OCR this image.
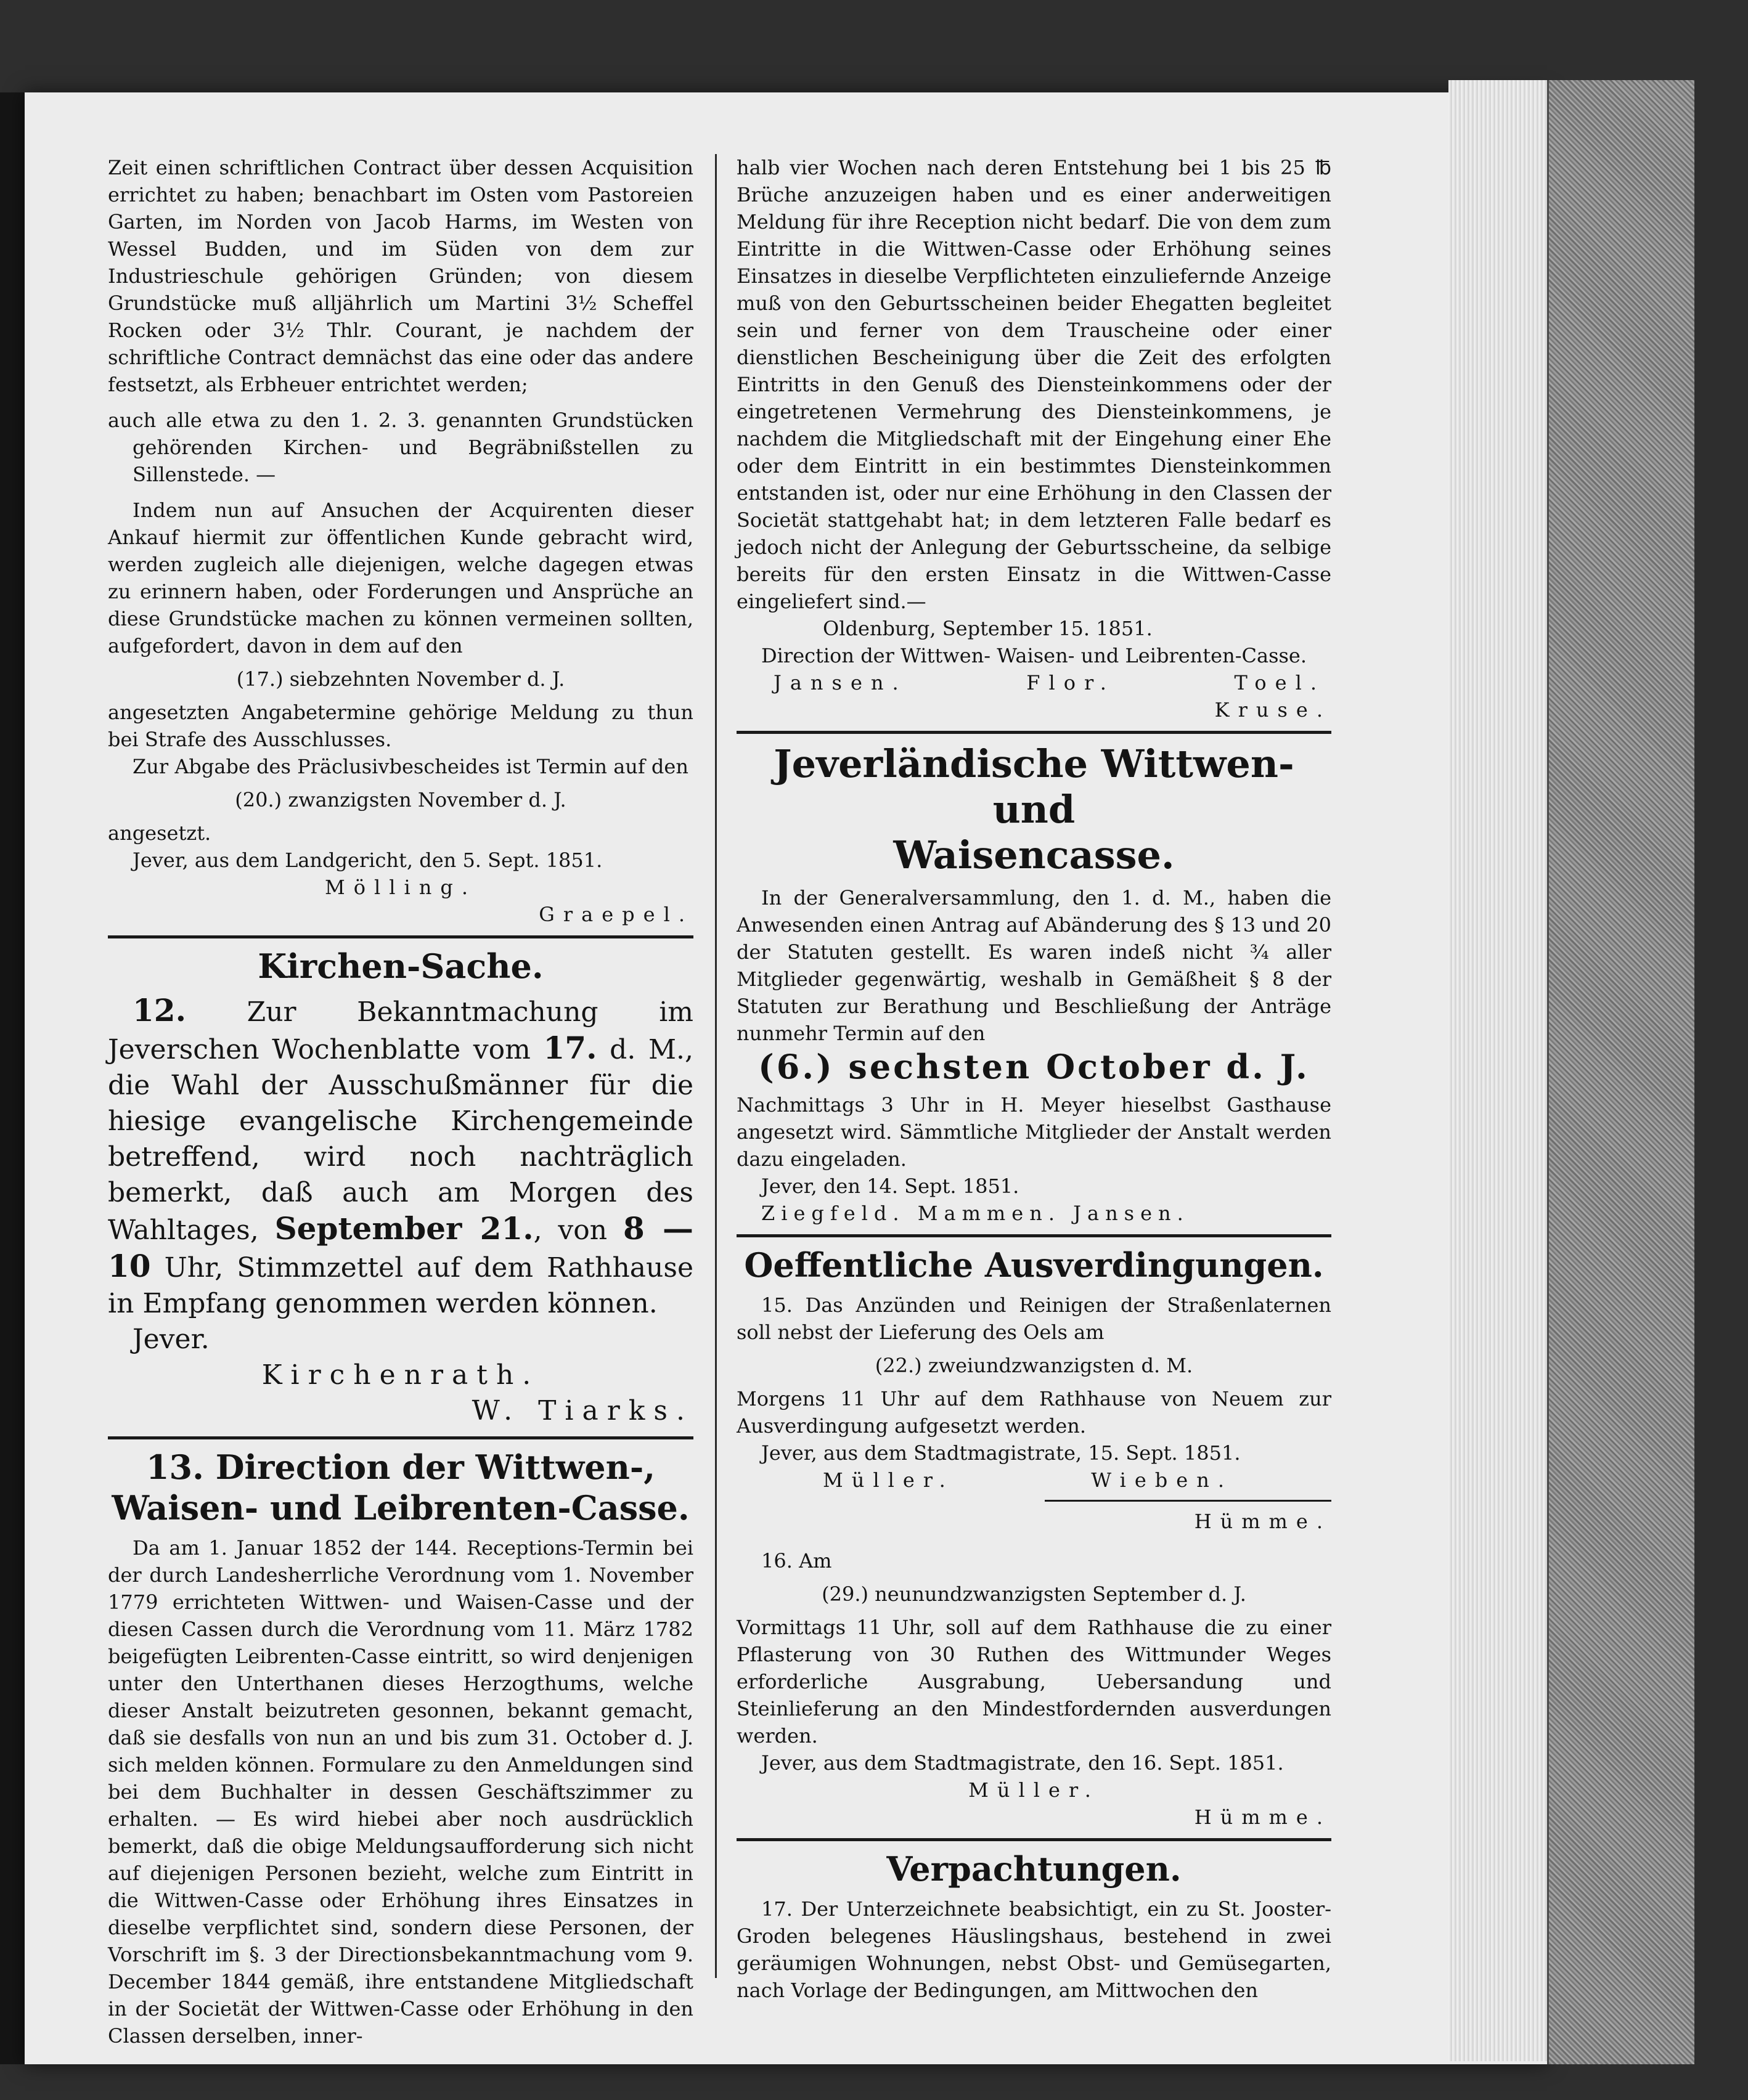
Zeit einen schriftlichen Contract über dessen Acquisition errichtet zu haben; benachbart im Osten vom Pastoreien Garten, im Norden von Jacob Harms, im Westen von Wessel Budden, und im Süden von dem zur Industrieschule gehörigen Gründen; von diesem Grundstücke muß alljährlich um Martini 3½ Scheffel Rocken oder 3½ Thlr. Courant, je nachdem der schriftliche Contract demnächst das eine oder das andere festsetzt, als Erbheuer entrichtet werden;

auch alle etwa zu den 1. 2. 3. genannten Grundstücken gehörenden Kirchen- und Begräbnißstellen zu Sillenstede. —

Indem nun auf Ansuchen der Acquirenten dieser Ankauf hiermit zur öffentlichen Kunde gebracht wird, werden zugleich alle diejenigen, welche dagegen etwas zu erinnern haben, oder Forderungen und Ansprüche an diese Grundstücke machen zu können vermeinen sollten, aufgefordert, davon in dem auf den

(17.) siebzehnten November d. J.

angesetzten Angabetermine gehörige Meldung zu thun bei Strafe des Ausschlusses.

Zur Abgabe des Präclusivbescheides ist Termin auf den

(20.) zwanzigsten November d. J.

angesetzt.

Jever, aus dem Landgericht, den 5. Sept. 1851.

Mölling.

Graepel.

Kirchen-Sache.

12. Zur Bekanntmachung im Jeverschen Wochenblatte vom 17. d. M., die Wahl der Ausschußmänner für die hiesige evangelische Kirchengemeinde betreffend, wird noch nachträglich bemerkt, daß auch am Morgen des Wahltages, September 21., von 8 — 10 Uhr, Stimmzettel auf dem Rathhause in Empfang genommen werden können.

Jever.

Kirchenrath.

W. Tiarks.

13. Direction der Wittwen-,

Waisen- und Leibrenten-Casse.

Da am 1. Januar 1852 der 144. Receptions-Termin bei der durch Landesherrliche Verordnung vom 1. November 1779 errichteten Wittwen- und Waisen-Casse und der diesen Cassen durch die Verordnung vom 11. März 1782 beigefügten Leibrenten-Casse eintritt, so wird denjenigen unter den Unterthanen dieses Herzogthums, welche dieser Anstalt beizutreten gesonnen, bekannt gemacht, daß sie desfalls von nun an und bis zum 31. October d. J. sich melden können. Formulare zu den Anmeldungen sind bei dem Buchhalter in dessen Geschäftszimmer zu erhalten. — Es wird hiebei aber noch ausdrücklich bemerkt, daß die obige Meldungsaufforderung sich nicht auf diejenigen Personen bezieht, welche zum Eintritt in die Wittwen-Casse oder Erhöhung ihres Einsatzes in dieselbe verpflichtet sind, sondern diese Personen, der Vorschrift im §. 3 der Directionsbekanntmachung vom 9. December 1844 gemäß, ihre entstandene Mitgliedschaft in der Societät der Wittwen-Casse oder Erhöhung in den Classen derselben, inner-

halb vier Wochen nach deren Entstehung bei 1 bis 25 ℔ Brüche anzuzeigen haben und es einer anderweitigen Meldung für ihre Reception nicht bedarf. Die von dem zum Eintritte in die Wittwen-Casse oder Erhöhung seines Einsatzes in dieselbe Verpflichteten einzuliefernde Anzeige muß von den Geburtsscheinen beider Ehegatten begleitet sein und ferner von dem Trauscheine oder einer dienstlichen Bescheinigung über die Zeit des erfolgten Eintritts in den Genuß des Diensteinkommens oder der eingetretenen Vermehrung des Diensteinkommens, je nachdem die Mitgliedschaft mit der Eingehung einer Ehe oder dem Eintritt in ein bestimmtes Diensteinkommen entstanden ist, oder nur eine Erhöhung in den Classen der Societät stattgehabt hat; in dem letzteren Falle bedarf es jedoch nicht der Anlegung der Geburtsscheine, da selbige bereits für den ersten Einsatz in die Wittwen-Casse eingeliefert sind.—

Oldenburg, September 15. 1851.

Direction der Wittwen- Waisen- und Leibrenten-Casse.

Jansen.	Flor.	Toel.

Kruse.

Jeverländische Wittwen- und

Waisencasse.

In der Generalversammlung, den 1. d. M., haben die Anwesenden einen Antrag auf Abänderung des § 13 und 20 der Statuten gestellt. Es waren indeß nicht ¾ aller Mitglieder gegenwärtig, weshalb in Gemäßheit § 8 der Statuten zur Berathung und Beschließung der Anträge nunmehr Termin auf den

(6.) sechsten October d. J.

Nachmittags 3 Uhr in H. Meyer hieselbst Gasthause angesetzt wird. Sämmtliche Mitglieder der Anstalt werden dazu eingeladen.

Jever, den 14. Sept. 1851.

Ziegfeld. Mammen. Jansen.

Oeffentliche Ausverdingungen.

15. Das Anzünden und Reinigen der Straßenlaternen soll nebst der Lieferung des Oels am

(22.) zweiundzwanzigsten d. M.

Morgens 11 Uhr auf dem Rathhause von Neuem zur Ausverdingung aufgesetzt werden.

Jever, aus dem Stadtmagistrate, 15. Sept. 1851.

Müller.	Wieben.

Hümme.

16. Am

(29.) neunundzwanzigsten September d. J.

Vormittags 11 Uhr, soll auf dem Rathhause die zu einer Pflasterung von 30 Ruthen des Wittmunder Weges erforderliche Ausgrabung, Uebersandung und Steinlieferung an den Mindestfordernden ausverdungen werden.

Jever, aus dem Stadtmagistrate, den 16. Sept. 1851.

Müller.

Hümme.

Verpachtungen.

17. Der Unterzeichnete beabsichtigt, ein zu St. Jooster-Groden belegenes Häuslingshaus, bestehend in zwei geräumigen Wohnungen, nebst Obst- und Gemüsegarten, nach Vorlage der Bedingungen, am Mittwochen den
